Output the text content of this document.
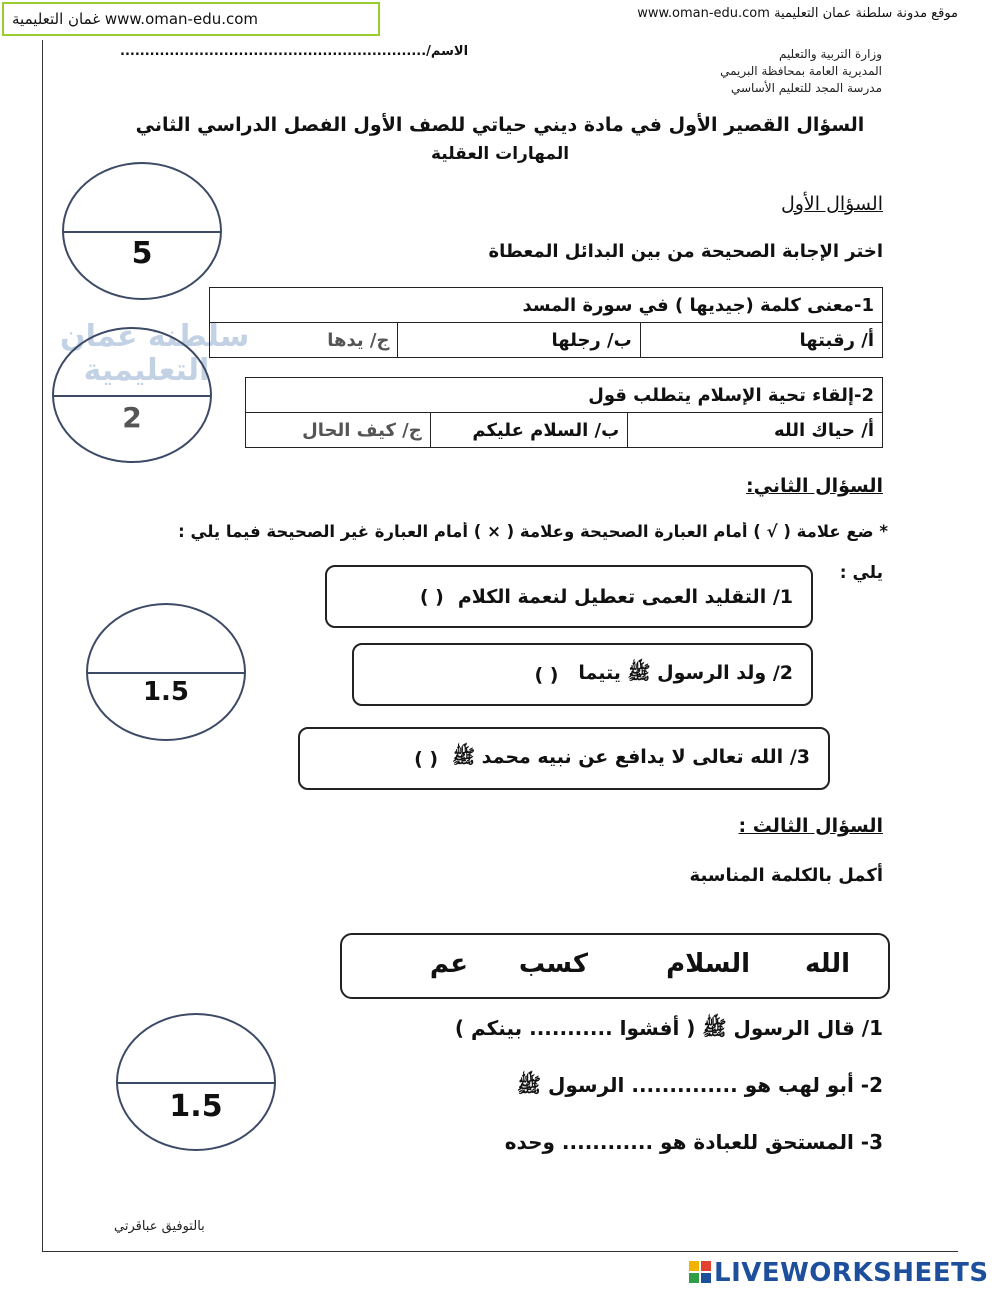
غمان التعليمية www.oman-edu.com	موقع مدونة سلطنة عمان التعليمية www.oman-edu.com
الاسم/..............................................................	وزارة التربية والتعليم
المديرية العامة بمحافظة البريمي
مدرسة المجد للتعليم الأساسي
السؤال القصير الأول في مادة ديني حياتي للصف الأول الفصل الدراسي الثاني
المهارات العقلية
سلطنة عمان
التعليمية
السؤال الأول
اختر الإجابة الصحيحة من بين البدائل المعطاة
5
1-معنى كلمة (جيديها ) في سورة المسد
أ/ رقبتها	ب/ رجلها	ج/ يدها
2
2-إلقاء تحية الإسلام يتطلب قول
أ/ حياك الله	ب/ السلام عليكم	ج/ كيف الحال
السؤال الثاني:
* ضع علامة ( √ ) أمام العبارة الصحيحة وعلامة ( × ) أمام العبارة غير الصحيحة فيما يلي :
يلي :
1/ التقليد العمى تعطيل لنعمة الكلام
( )
1.5
2/ ولد الرسول ﷺ يتيما
( )
3/ الله تعالى لا يدافع عن نبيه محمد ﷺ
( )
السؤال الثالث :
أكمل بالكلمة المناسبة
الله
السلام
كسب
عم
1.5
1/ قال الرسول ﷺ ( أفشوا ........... بينكم )
2- أبو لهب هو .............. الرسول ﷺ
3- المستحق للعبادة هو ............ وحده
بالتوفيق عباقرتي
LIVEWORKSHEETS
